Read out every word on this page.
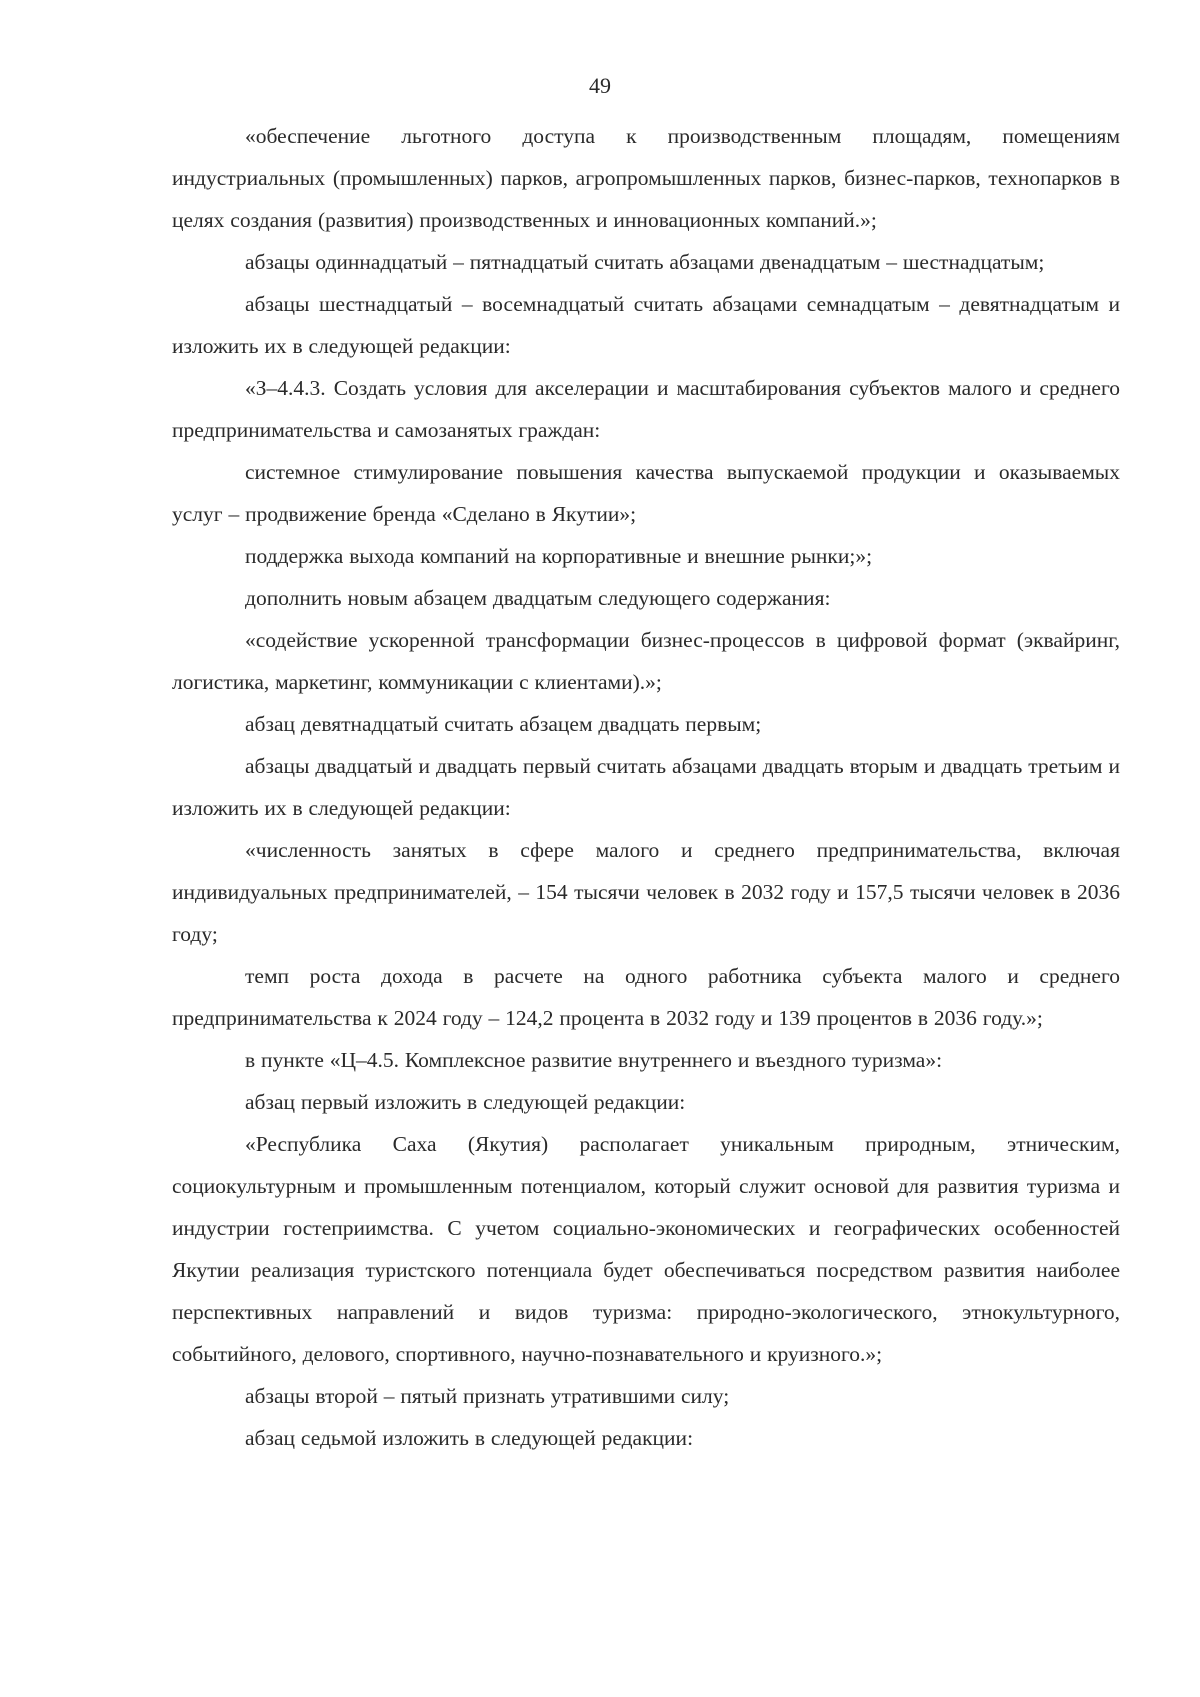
49

«обеспечение льготного доступа к производственным площадям, помещениям индустриальных (промышленных) парков, агропромышленных парков, бизнес-парков, технопарков в целях создания (развития) производственных и инновационных компаний.»;

абзацы одиннадцатый – пятнадцатый считать абзацами двенадцатым – шестнадцатым;

абзацы шестнадцатый – восемнадцатый считать абзацами семнадцатым – девятнадцатым и изложить их в следующей редакции:

«З–4.4.3. Создать условия для акселерации и масштабирования субъектов малого и среднего предпринимательства и самозанятых граждан:

системное стимулирование повышения качества выпускаемой продукции и оказываемых услуг – продвижение бренда «Сделано в Якутии»;

поддержка выхода компаний на корпоративные и внешние рынки;»;

дополнить новым абзацем двадцатым следующего содержания:

«содействие ускоренной трансформации бизнес-процессов в цифровой формат (эквайринг, логистика, маркетинг, коммуникации с клиентами).»;

абзац девятнадцатый считать абзацем двадцать первым;

абзацы двадцатый и двадцать первый считать абзацами двадцать вторым и двадцать третьим и изложить их в следующей редакции:

«численность занятых в сфере малого и среднего предпринимательства, включая индивидуальных предпринимателей, – 154 тысячи человек в 2032 году и 157,5 тысячи человек в 2036 году;

темп роста дохода в расчете на одного работника субъекта малого и среднего предпринимательства к 2024 году – 124,2 процента в 2032 году и 139 процентов в 2036 году.»;

в пункте «Ц–4.5. Комплексное развитие внутреннего и въездного туризма»:

абзац первый изложить в следующей редакции:

«Республика Саха (Якутия) располагает уникальным природным, этническим, социокультурным и промышленным потенциалом, который служит основой для развития туризма и индустрии гостеприимства. С учетом социально-экономических и географических особенностей Якутии реализация туристского потенциала будет обеспечиваться посредством развития наиболее перспективных направлений и видов туризма: природно-экологического, этнокультурного, событийного, делового, спортивного, научно-познавательного и круизного.»;

абзацы второй – пятый признать утратившими силу;

абзац седьмой изложить в следующей редакции:
